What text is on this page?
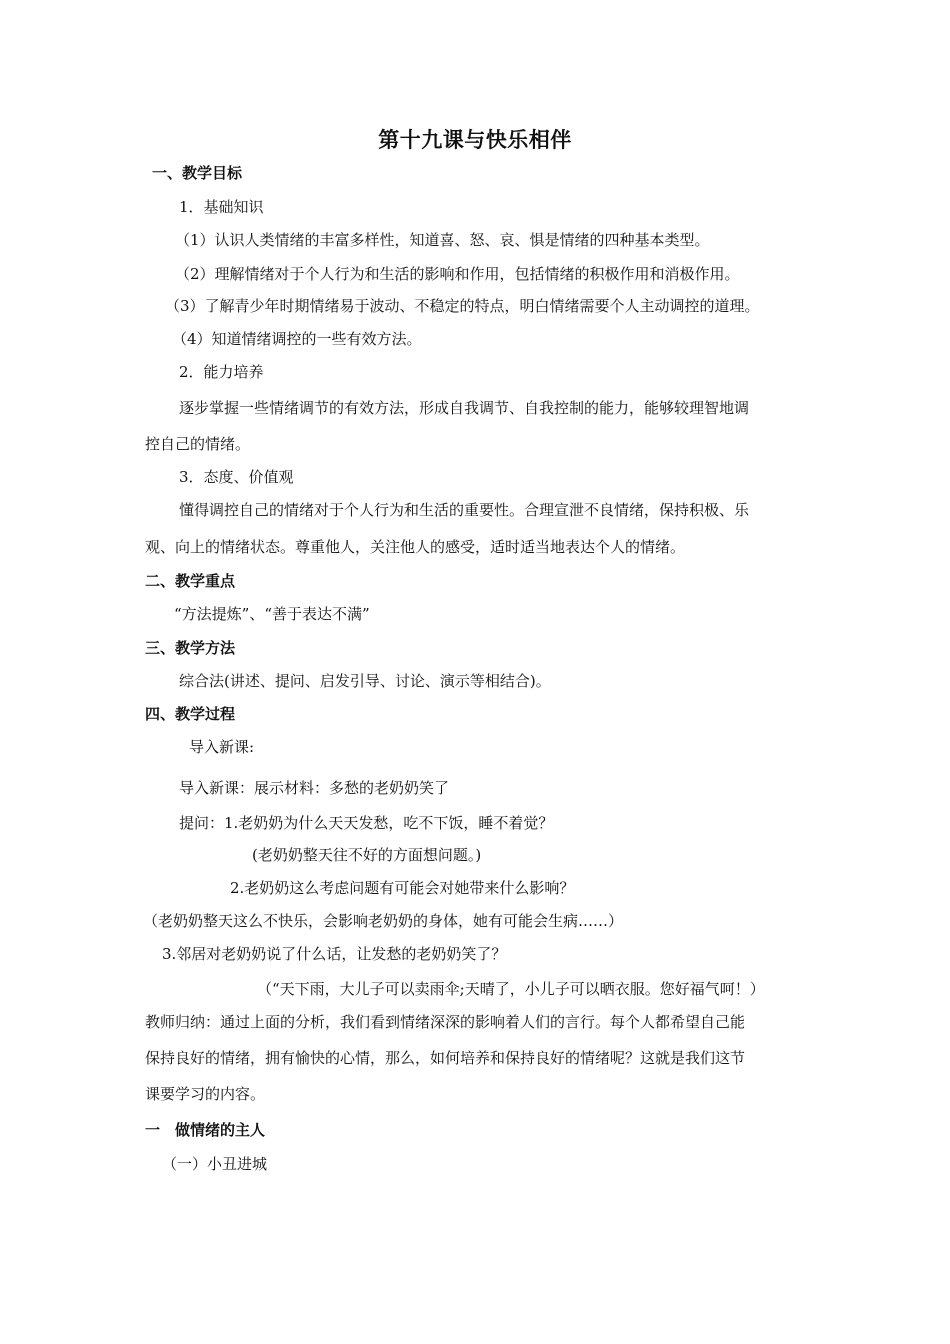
第十九课与快乐相伴
一、教学目标
1．基础知识
（1）认识人类情绪的丰富多样性，知道喜、怒、哀、惧是情绪的四种基本类型。
（2）理解情绪对于个人行为和生活的影响和作用，包括情绪的积极作用和消极作用。
（3）了解青少年时期情绪易于波动、不稳定的特点，明白情绪需要个人主动调控的道理。
（4）知道情绪调控的一些有效方法。
2．能力培养
逐步掌握一些情绪调节的有效方法，形成自我调节、自我控制的能力，能够较理智地调
控自己的情绪。
3．态度、价值观
懂得调控自己的情绪对于个人行为和生活的重要性。合理宣泄不良情绪，保持积极、乐
观、向上的情绪状态。尊重他人，关注他人的感受，适时适当地表达个人的情绪。
二、教学重点
“方法提炼”、“善于表达不满”
三、教学方法
综合法(讲述、提问、启发引导、讨论、演示等相结合)。
四、教学过程
导入新课:
导入新课：展示材料：多愁的老奶奶笑了
提问：1.老奶奶为什么天天发愁，吃不下饭，睡不着觉？
(老奶奶整天往不好的方面想问题。)
2.老奶奶这么考虑问题有可能会对她带来什么影响？
（老奶奶整天这么不快乐，会影响老奶奶的身体，她有可能会生病……）
3.邻居对老奶奶说了什么话，让发愁的老奶奶笑了？
（“天下雨，大儿子可以卖雨伞;天晴了，小儿子可以晒衣服。您好福气呵！）
教师归纳：通过上面的分析，我们看到情绪深深的影响着人们的言行。每个人都希望自己能
保持良好的情绪，拥有愉快的心情，那么，如何培养和保持良好的情绪呢？这就是我们这节
课要学习的内容。
一　做情绪的主人
（一）小丑进城
